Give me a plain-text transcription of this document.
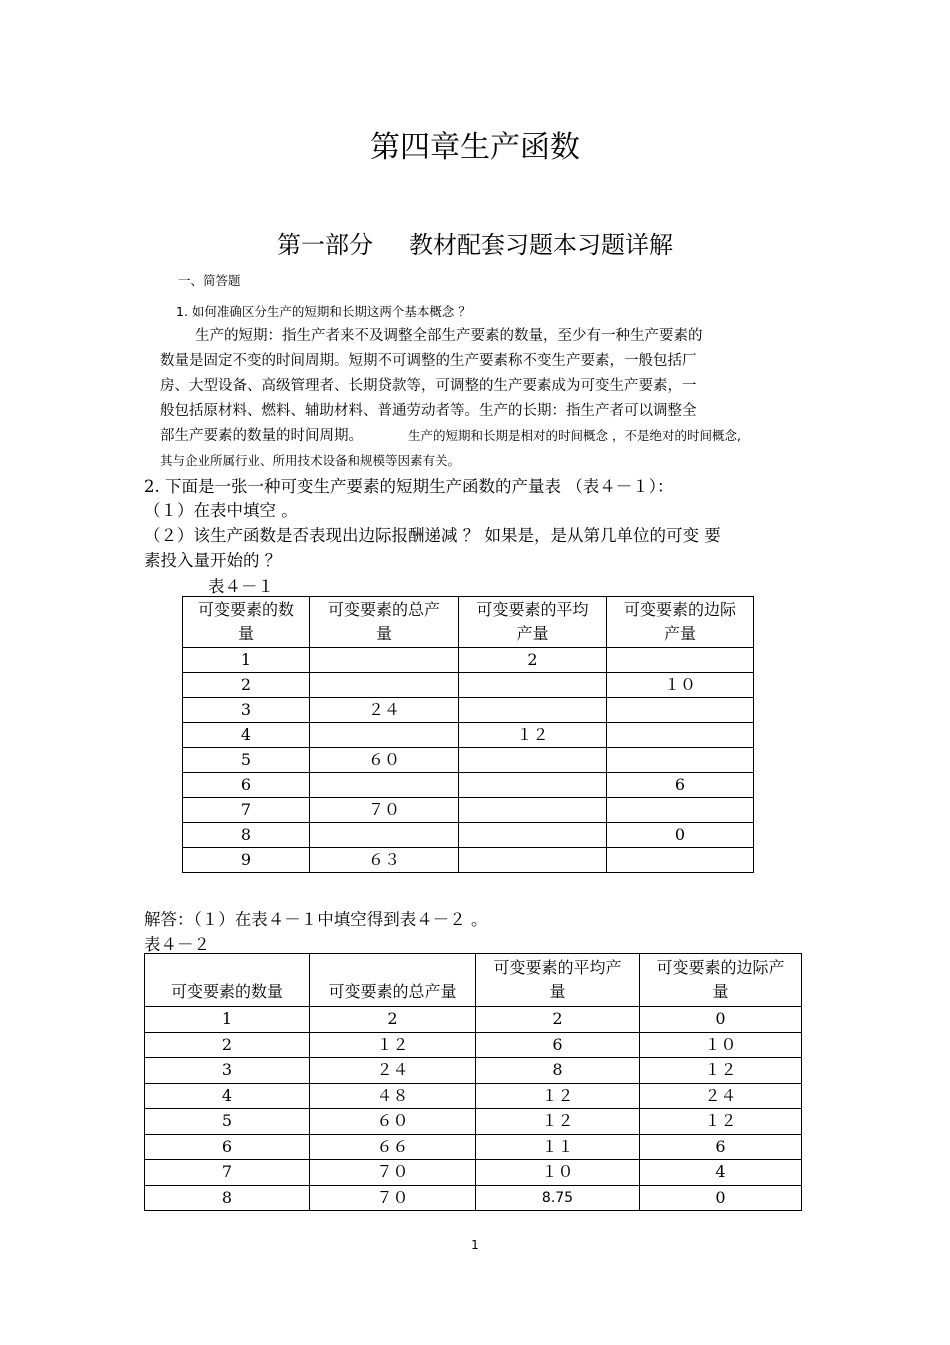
第四章生产函数
第一部分 教材配套习题本习题详解
一、简答题
1. 如何准确区分生产的短期和长期这两个基本概念 ？
生产的短期：指生产者来不及调整全部生产要素的数量，至少有一种生产要素的
数量是固定不变的时间周期。短期不可调整的生产要素称不变生产要素，一般包括厂
房、大型设备、高级管理者、长期贷款等，可调整的生产要素成为可变生产要素，一
般包括原材料、燃料、辅助材料、普通劳动者等。生产的长期：指生产者可以调整全
部生产要素的数量的时间周期。	生产的短期和长期是相对的时间概念 ，不是绝对的时间概念,
其与企业所属行业、所用技术设备和规模等因素有关。
2. 下面是一张一种可变生产要素的短期生产函数的产量表 （表４－１）：
（１）在表中填空 。
（２）该生产函数是否表现出边际报酬递减 ？ 如果是，是从第几单位的可变 要
素投入量开始的 ？
表４－１
可变要素的数
量	可变要素的总产
量	可变要素的平均
产量	可变要素的边际
产量
1		2	
2			１０
3	２４		
4		１２	
5	６０		
6			6
7	７０		
8			0
9	６３		
解答：（１）在表４－１中填空得到表４－２ 。
表４－２
可变要素的数量	可变要素的总产量	可变要素的平均产
量	可变要素的边际产
量
1	2	2	0
2	１２	6	１０
3	２４	8	１２
4	４８	１２	２４
5	６０	１２	１２
6	６６	１１	6
7	７０	１０	4
8	７０	8.75	0
1
